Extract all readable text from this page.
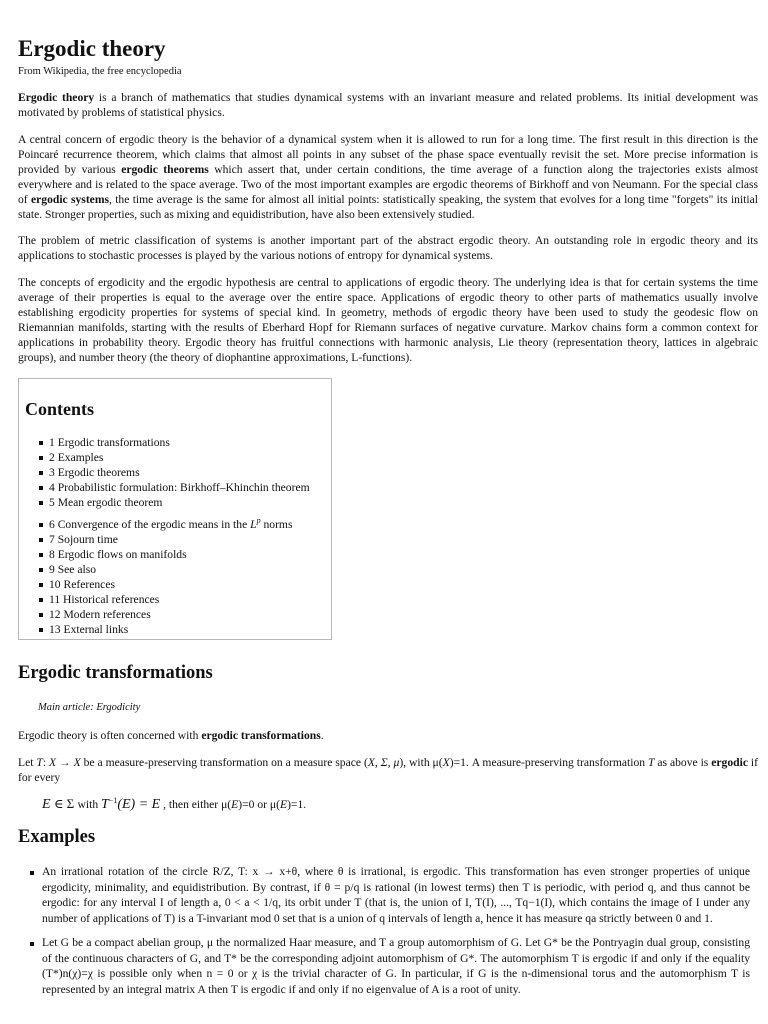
Ergodic theory
From Wikipedia, the free encyclopedia

Ergodic theory is a branch of mathematics that studies dynamical systems with an invariant measure and related problems. Its initial development was motivated by problems of statistical physics.

A central concern of ergodic theory is the behavior of a dynamical system when it is allowed to run for a long time. The first result in this direction is the Poincaré recurrence theorem, which claims that almost all points in any subset of the phase space eventually revisit the set. More precise information is provided by various ergodic theorems which assert that, under certain conditions, the time average of a function along the trajectories exists almost everywhere and is related to the space average. Two of the most important examples are ergodic theorems of Birkhoff and von Neumann. For the special class of ergodic systems, the time average is the same for almost all initial points: statistically speaking, the system that evolves for a long time "forgets" its initial state. Stronger properties, such as mixing and equidistribution, have also been extensively studied.

The problem of metric classification of systems is another important part of the abstract ergodic theory. An outstanding role in ergodic theory and its applications to stochastic processes is played by the various notions of entropy for dynamical systems.

The concepts of ergodicity and the ergodic hypothesis are central to applications of ergodic theory. The underlying idea is that for certain systems the time average of their properties is equal to the average over the entire space. Applications of ergodic theory to other parts of mathematics usually involve establishing ergodicity properties for systems of special kind. In geometry, methods of ergodic theory have been used to study the geodesic flow on Riemannian manifolds, starting with the results of Eberhard Hopf for Riemann surfaces of negative curvature. Markov chains form a common context for applications in probability theory. Ergodic theory has fruitful connections with harmonic analysis, Lie theory (representation theory, lattices in algebraic groups), and number theory (the theory of diophantine approximations, L-functions).

Contents
1 Ergodic transformations
2 Examples
3 Ergodic theorems
4 Probabilistic formulation: Birkhoff–Khinchin theorem
5 Mean ergodic theorem
6 Convergence of the ergodic means in the $L^p$ norms
7 Sojourn time
8 Ergodic flows on manifolds
9 See also
10 References
11 Historical references
12 Modern references
13 External links
Ergodic transformations
Main article: Ergodicity

Ergodic theory is often concerned with ergodic transformations.

Let T: X → X be a measure-preserving transformation on a measure space (X, Σ, μ), with μ(X)=1. A measure-preserving transformation T as above is ergodic if for every

E ∈ Σ with $T^{-1}(E) = E$ , then either μ(E)=0 or μ(E)=1.
Examples
An irrational rotation of the circle R/Z, T: x → x+θ, where θ is irrational, is ergodic. This transformation has even stronger properties of unique ergodicity, minimality, and equidistribution. By contrast, if θ = p/q is rational (in lowest terms) then T is periodic, with period q, and thus cannot be ergodic: for any interval I of length a, 0 < a < 1/q, its orbit under T (that is, the union of I, T(I), ..., Tq−1(I), which contains the image of I under any number of applications of T) is a T-invariant mod 0 set that is a union of q intervals of length a, hence it has measure qa strictly between 0 and 1.
Let G be a compact abelian group, μ the normalized Haar measure, and T a group automorphism of G. Let G* be the Pontryagin dual group, consisting of the continuous characters of G, and T* be the corresponding adjoint automorphism of G*. The automorphism T is ergodic if and only if the equality (T*)n(χ)=χ is possible only when n = 0 or χ is the trivial character of G. In particular, if G is the n-dimensional torus and the automorphism T is represented by an integral matrix A then T is ergodic if and only if no eigenvalue of A is a root of unity.
